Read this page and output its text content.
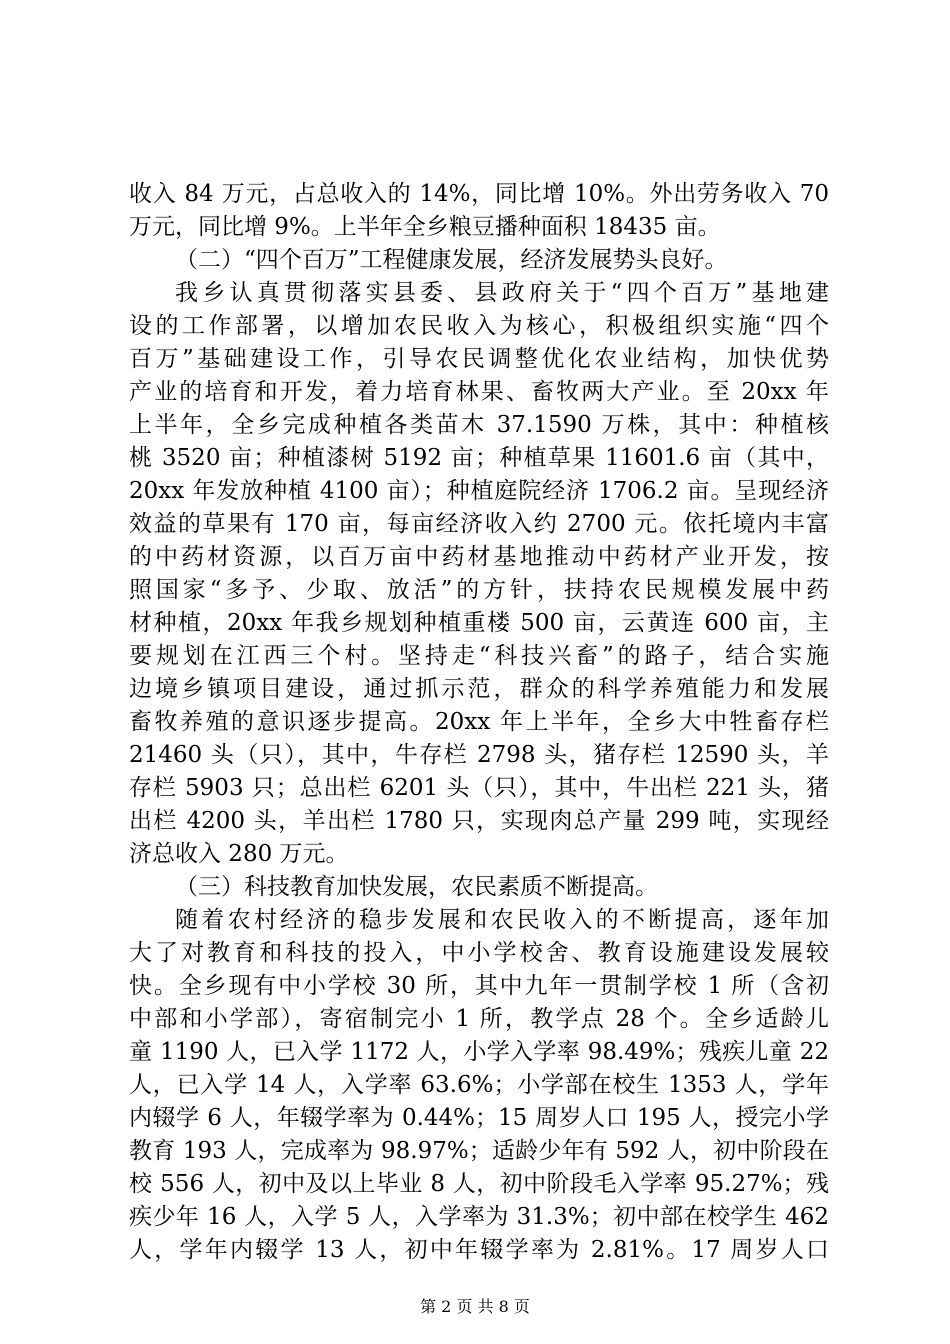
收入 84 万元，占总收入的 14%，同比增 10%。外出劳务收入 70
万元，同比增 9%。上半年全乡粮豆播种面积 18435 亩。
（二）“四个百万”工程健康发展，经济发展势头良好。
我乡认真贯彻落实县委、县政府关于“四个百万”基地建
设的工作部署，以增加农民收入为核心，积极组织实施“四个
百万”基础建设工作，引导农民调整优化农业结构，加快优势
产业的培育和开发，着力培育林果、畜牧两大产业。至 20xx 年
上半年，全乡完成种植各类苗木 37.1590 万株，其中：种植核
桃 3520 亩；种植漆树 5192 亩；种植草果 11601.6 亩（其中，
20xx 年发放种植 4100 亩）；种植庭院经济 1706.2 亩。呈现经济
效益的草果有 170 亩，每亩经济收入约 2700 元。依托境内丰富
的中药材资源，以百万亩中药材基地推动中药材产业开发，按
照国家“多予、少取、放活”的方针，扶持农民规模发展中药
材种植，20xx 年我乡规划种植重楼 500 亩，云黄连 600 亩，主
要规划在江西三个村。坚持走“科技兴畜”的路子，结合实施
边境乡镇项目建设，通过抓示范，群众的科学养殖能力和发展
畜牧养殖的意识逐步提高。20xx 年上半年，全乡大中牲畜存栏
21460 头（只），其中，牛存栏 2798 头，猪存栏 12590 头，羊
存栏 5903 只；总出栏 6201 头（只），其中，牛出栏 221 头，猪
出栏 4200 头，羊出栏 1780 只，实现肉总产量 299 吨，实现经
济总收入 280 万元。
（三）科技教育加快发展，农民素质不断提高。
随着农村经济的稳步发展和农民收入的不断提高，逐年加
大了对教育和科技的投入，中小学校舍、教育设施建设发展较
快。全乡现有中小学校 30 所，其中九年一贯制学校 1 所（含初
中部和小学部），寄宿制完小 1 所，教学点 28 个。全乡适龄儿
童 1190 人，已入学 1172 人，小学入学率 98.49%；残疾儿童 22
人，已入学 14 人，入学率 63.6%；小学部在校生 1353 人，学年
内辍学 6 人，年辍学率为 0.44%；15 周岁人口 195 人，授完小学
教育 193 人，完成率为 98.97%；适龄少年有 592 人，初中阶段在
校 556 人，初中及以上毕业 8 人，初中阶段毛入学率 95.27%；残
疾少年 16 人，入学 5 人，入学率为 31.3%；初中部在校学生 462
人，学年内辍学 13 人，初中年辍学率为 2.81%。17 周岁人口
第 2 页 共 8 页
